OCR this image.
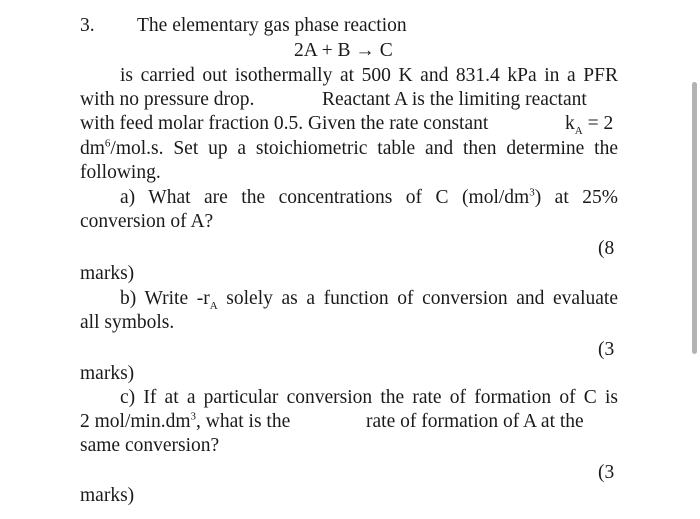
3. The elementary gas phase reaction
2A + B → C
is carried out isothermally at 500 K and 831.4 kPa in a PFR
with no pressure drop.	Reactant A is the limiting reactant
with feed molar fraction 0.5. Given the rate constant	$k_A = 2$
$dm^6/mol.s$. Set up a stoichiometric table and then determine the
following.
a) What are the concentrations of C $(mol/dm^3)$ at 25%
conversion of A?
(8
marks)
b) Write $-r_A$ solely as a function of conversion and evaluate
all symbols.
(3
marks)
c) If at a particular conversion the rate of formation of C is
2 mol/$\min.dm^3$, what is the	rate of formation of A at the
same conversion?
(3
marks)
